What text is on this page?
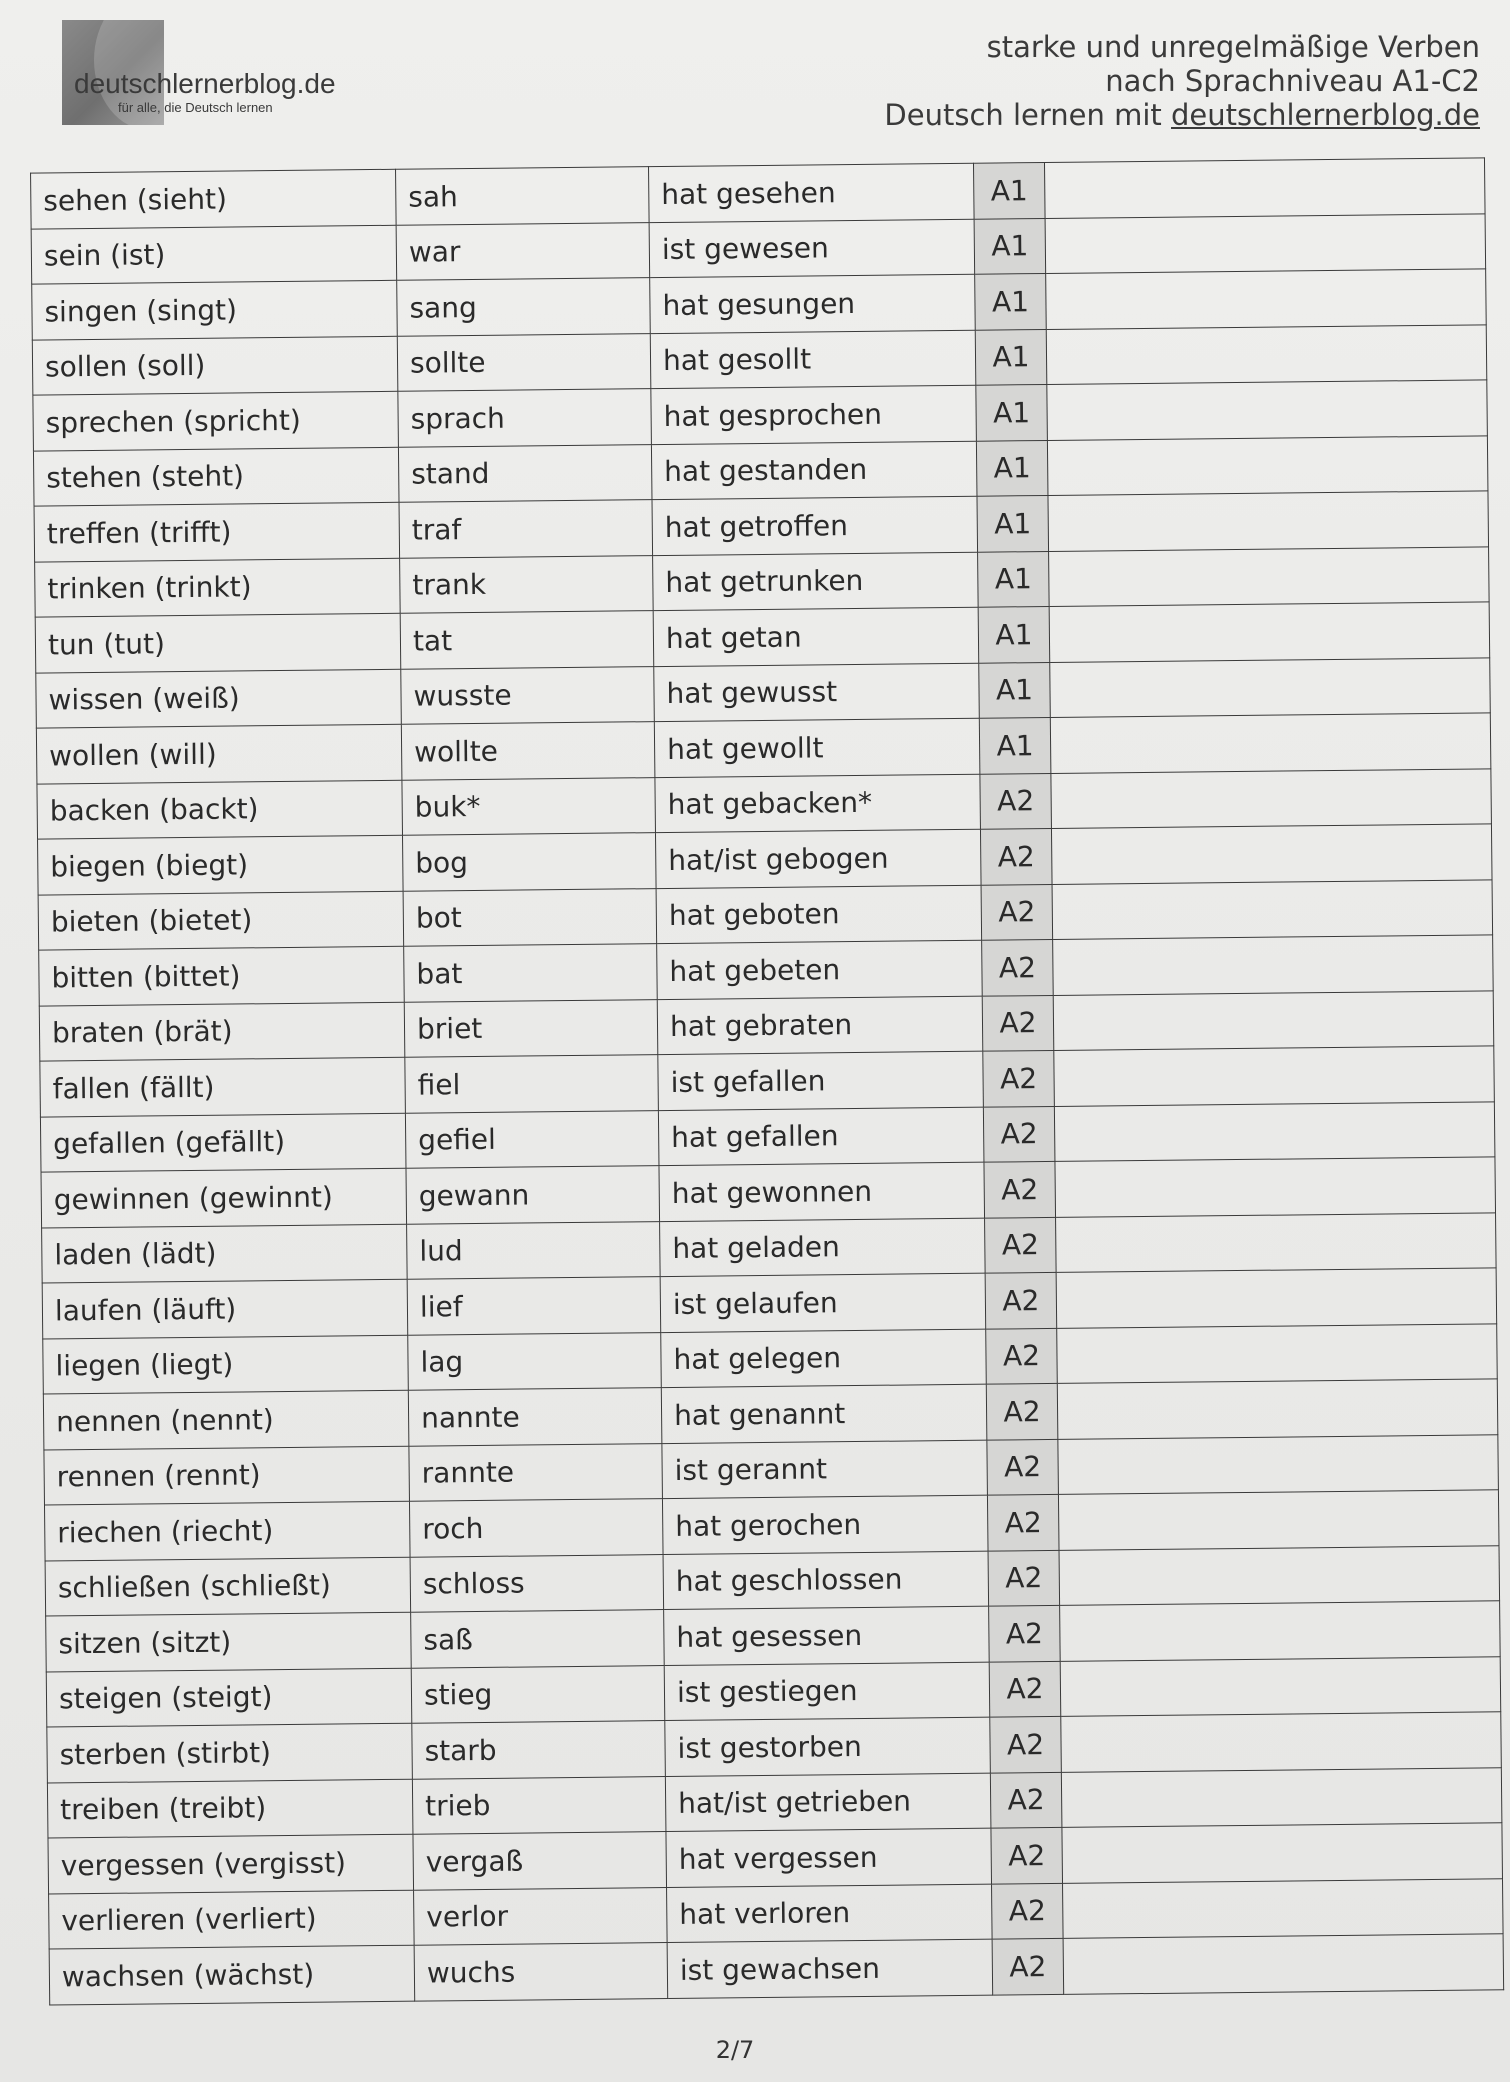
deutschlernerblog.de
für alle, die Deutsch lernen
starke und unregelmäßige Verben
nach Sprachniveau A1-C2
Deutsch lernen mit deutschlernerblog.de
sehen (sieht)	sah	hat gesehen	A1	
sein (ist)	war	ist gewesen	A1	
singen (singt)	sang	hat gesungen	A1	
sollen (soll)	sollte	hat gesollt	A1	
sprechen (spricht)	sprach	hat gesprochen	A1	
stehen (steht)	stand	hat gestanden	A1	
treffen (trifft)	traf	hat getroffen	A1	
trinken (trinkt)	trank	hat getrunken	A1	
tun (tut)	tat	hat getan	A1	
wissen (weiß)	wusste	hat gewusst	A1	
wollen (will)	wollte	hat gewollt	A1	
backen (backt)	buk*	hat gebacken*	A2	
biegen (biegt)	bog	hat/ist gebogen	A2	
bieten (bietet)	bot	hat geboten	A2	
bitten (bittet)	bat	hat gebeten	A2	
braten (brät)	briet	hat gebraten	A2	
fallen (fällt)	fiel	ist gefallen	A2	
gefallen (gefällt)	gefiel	hat gefallen	A2	
gewinnen (gewinnt)	gewann	hat gewonnen	A2	
laden (lädt)	lud	hat geladen	A2	
laufen (läuft)	lief	ist gelaufen	A2	
liegen (liegt)	lag	hat gelegen	A2	
nennen (nennt)	nannte	hat genannt	A2	
rennen (rennt)	rannte	ist gerannt	A2	
riechen (riecht)	roch	hat gerochen	A2	
schließen (schließt)	schloss	hat geschlossen	A2	
sitzen (sitzt)	saß	hat gesessen	A2	
steigen (steigt)	stieg	ist gestiegen	A2	
sterben (stirbt)	starb	ist gestorben	A2	
treiben (treibt)	trieb	hat/ist getrieben	A2	
vergessen (vergisst)	vergaß	hat vergessen	A2	
verlieren (verliert)	verlor	hat verloren	A2	
wachsen (wächst)	wuchs	ist gewachsen	A2	
2/7
